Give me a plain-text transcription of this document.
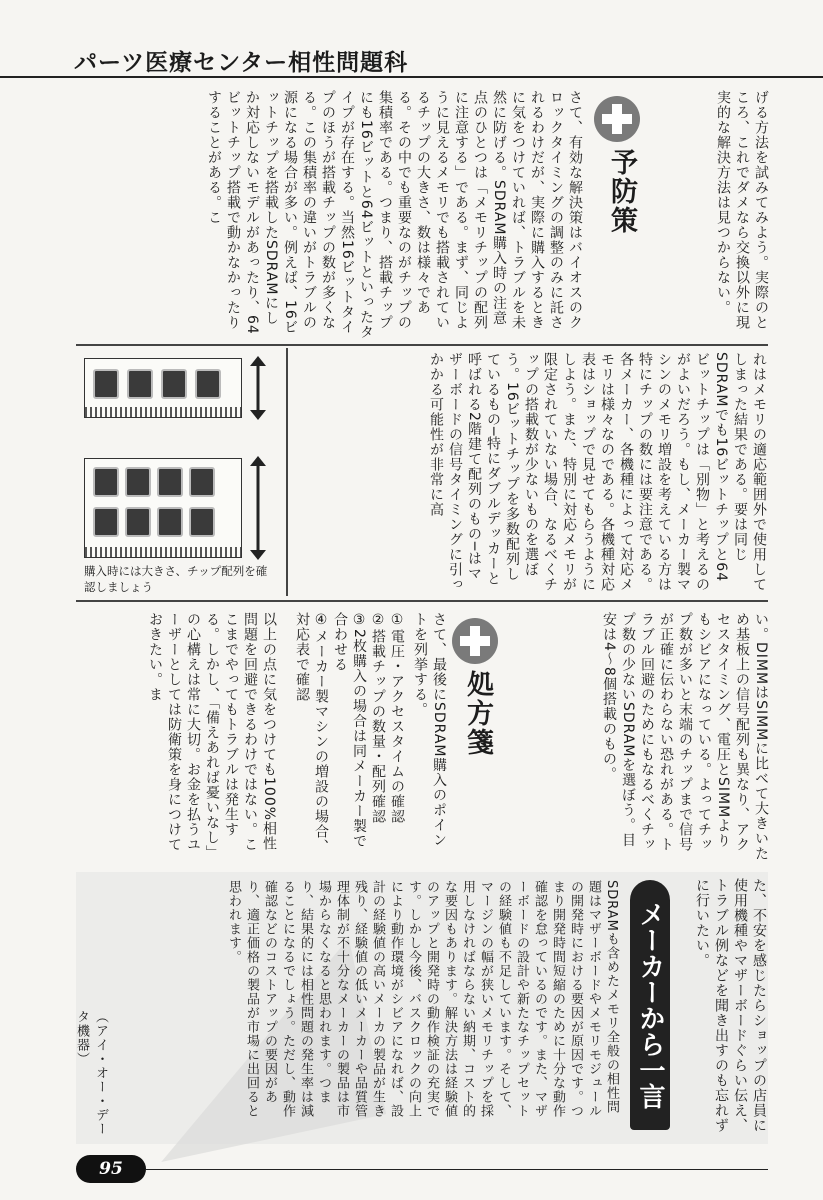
パーツ医療センター相性問題科
げる方法を試みてみよう。実際のところ、これでダメなら交換以外に現実的な解決方法は見つからない。
予防策
さて、有効な解決策はバイオスのクロックタイミングの調整のみに託されるわけだが、実際に購入するときに気をつけていれば、トラブルを未然に防げる。SDRAM購入時の注意点のひとつは「メモリチップの配列に注意する」である。まず、同じように見えるメモリでも搭載されているチップの大きさ、数は様々である。その中でも重要なのがチップの集積率である。つまり、搭載チップにも16ビットと64ビットといったタイプが存在する。当然16ビットタイプのほうが搭載チップの数が多くなる。この集積率の違いがトラブルの源になる場合が多い。例えば、16ビットチップを搭載したSDRAMにしか対応しないモデルがあったり、64ビットチップ搭載で動かなかったりすることがある。こ
れはメモリの適応範囲外で使用してしまった結果である。要は同じSDRAMでも16ビットチップと64ビットチップは「別物」と考えるのがよいだろう。もし、メーカー製マシンのメモリ増設を考えている方は特にチップの数には要注意である。各メーカー、各機種によって対応メモリは様々なのである。各機種対応表はショップで見せてもらうようにしよう。また、特別に対応メモリが限定されていない場合、なるべくチップの搭載数が少ないものを選ぼう。16ビットチップを多数配列しているもの─特にダブルデッカーと呼ばれる2階建て配列のもの─はマザーボードの信号タイミングに引っかかる可能性が非常に高
購入時には大きさ、チップ配列を確認しましょう
い。DIMMはSIMMに比べて大きいため基板上の信号配列も異なり、アクセスタイミング、電圧とSIMMよりもシビアになっている。よってチップ数が多いと末端のチップまで信号が正確に伝わらない恐れがある。トラブル回避のためにもなるべくチップ数の少ないSDRAMを選ぼう。目安は4～8個搭載のもの。
処方箋
さて、最後にSDRAM購入のポイントを列挙する。
①電圧・アクセスタイムの確認
②搭載チップの数量・配列確認
③2枚購入の場合は同メーカー製で合わせる
④メーカー製マシンの増設の場合、対応表で確認
以上の点に気をつけても100%相性問題を回避できるわけではない。ここまでやってもトラブルは発生する。しかし、「備えあれば憂いなし」の心構えは常に大切。お金を払うユーザーとしては防衛策を身につけておきたい。ま
た、不安を感じたらショップの店員に使用機種やマザーボードぐらい伝え、トラブル例などを聞き出すのも忘れずに行いたい。
メーカーから一言
SDRAMも含めたメモリ全般の相性問題はマザーボードやメモリモジュールの開発時における要因が原因です。つまり開発時間短縮のために十分な動作確認を怠っているのです。また、マザーボードの設計や新たなチップセットの経験値も不足しています。そして、マージンの幅が狭いメモリチップを採用しなければならない納期、コスト的な要因もあります。解決方法は経験値のアップと開発時の動作検証の充実です。しかし今後、バスクロックの向上により動作環境がシビアになれば、設計の経験値の高いメーカの製品が生き残り、経験値の低いメーカーや品質管理体制が不十分なメーカーの製品は市場からなくなると思われます。つまり、結果的には相性問題の発生率は減ることになるでしょう。ただし、動作確認などのコストアップの要因があり、適正価格の製品が市場に出回ると思われます。
（アイ・オー・データ機器）
95
